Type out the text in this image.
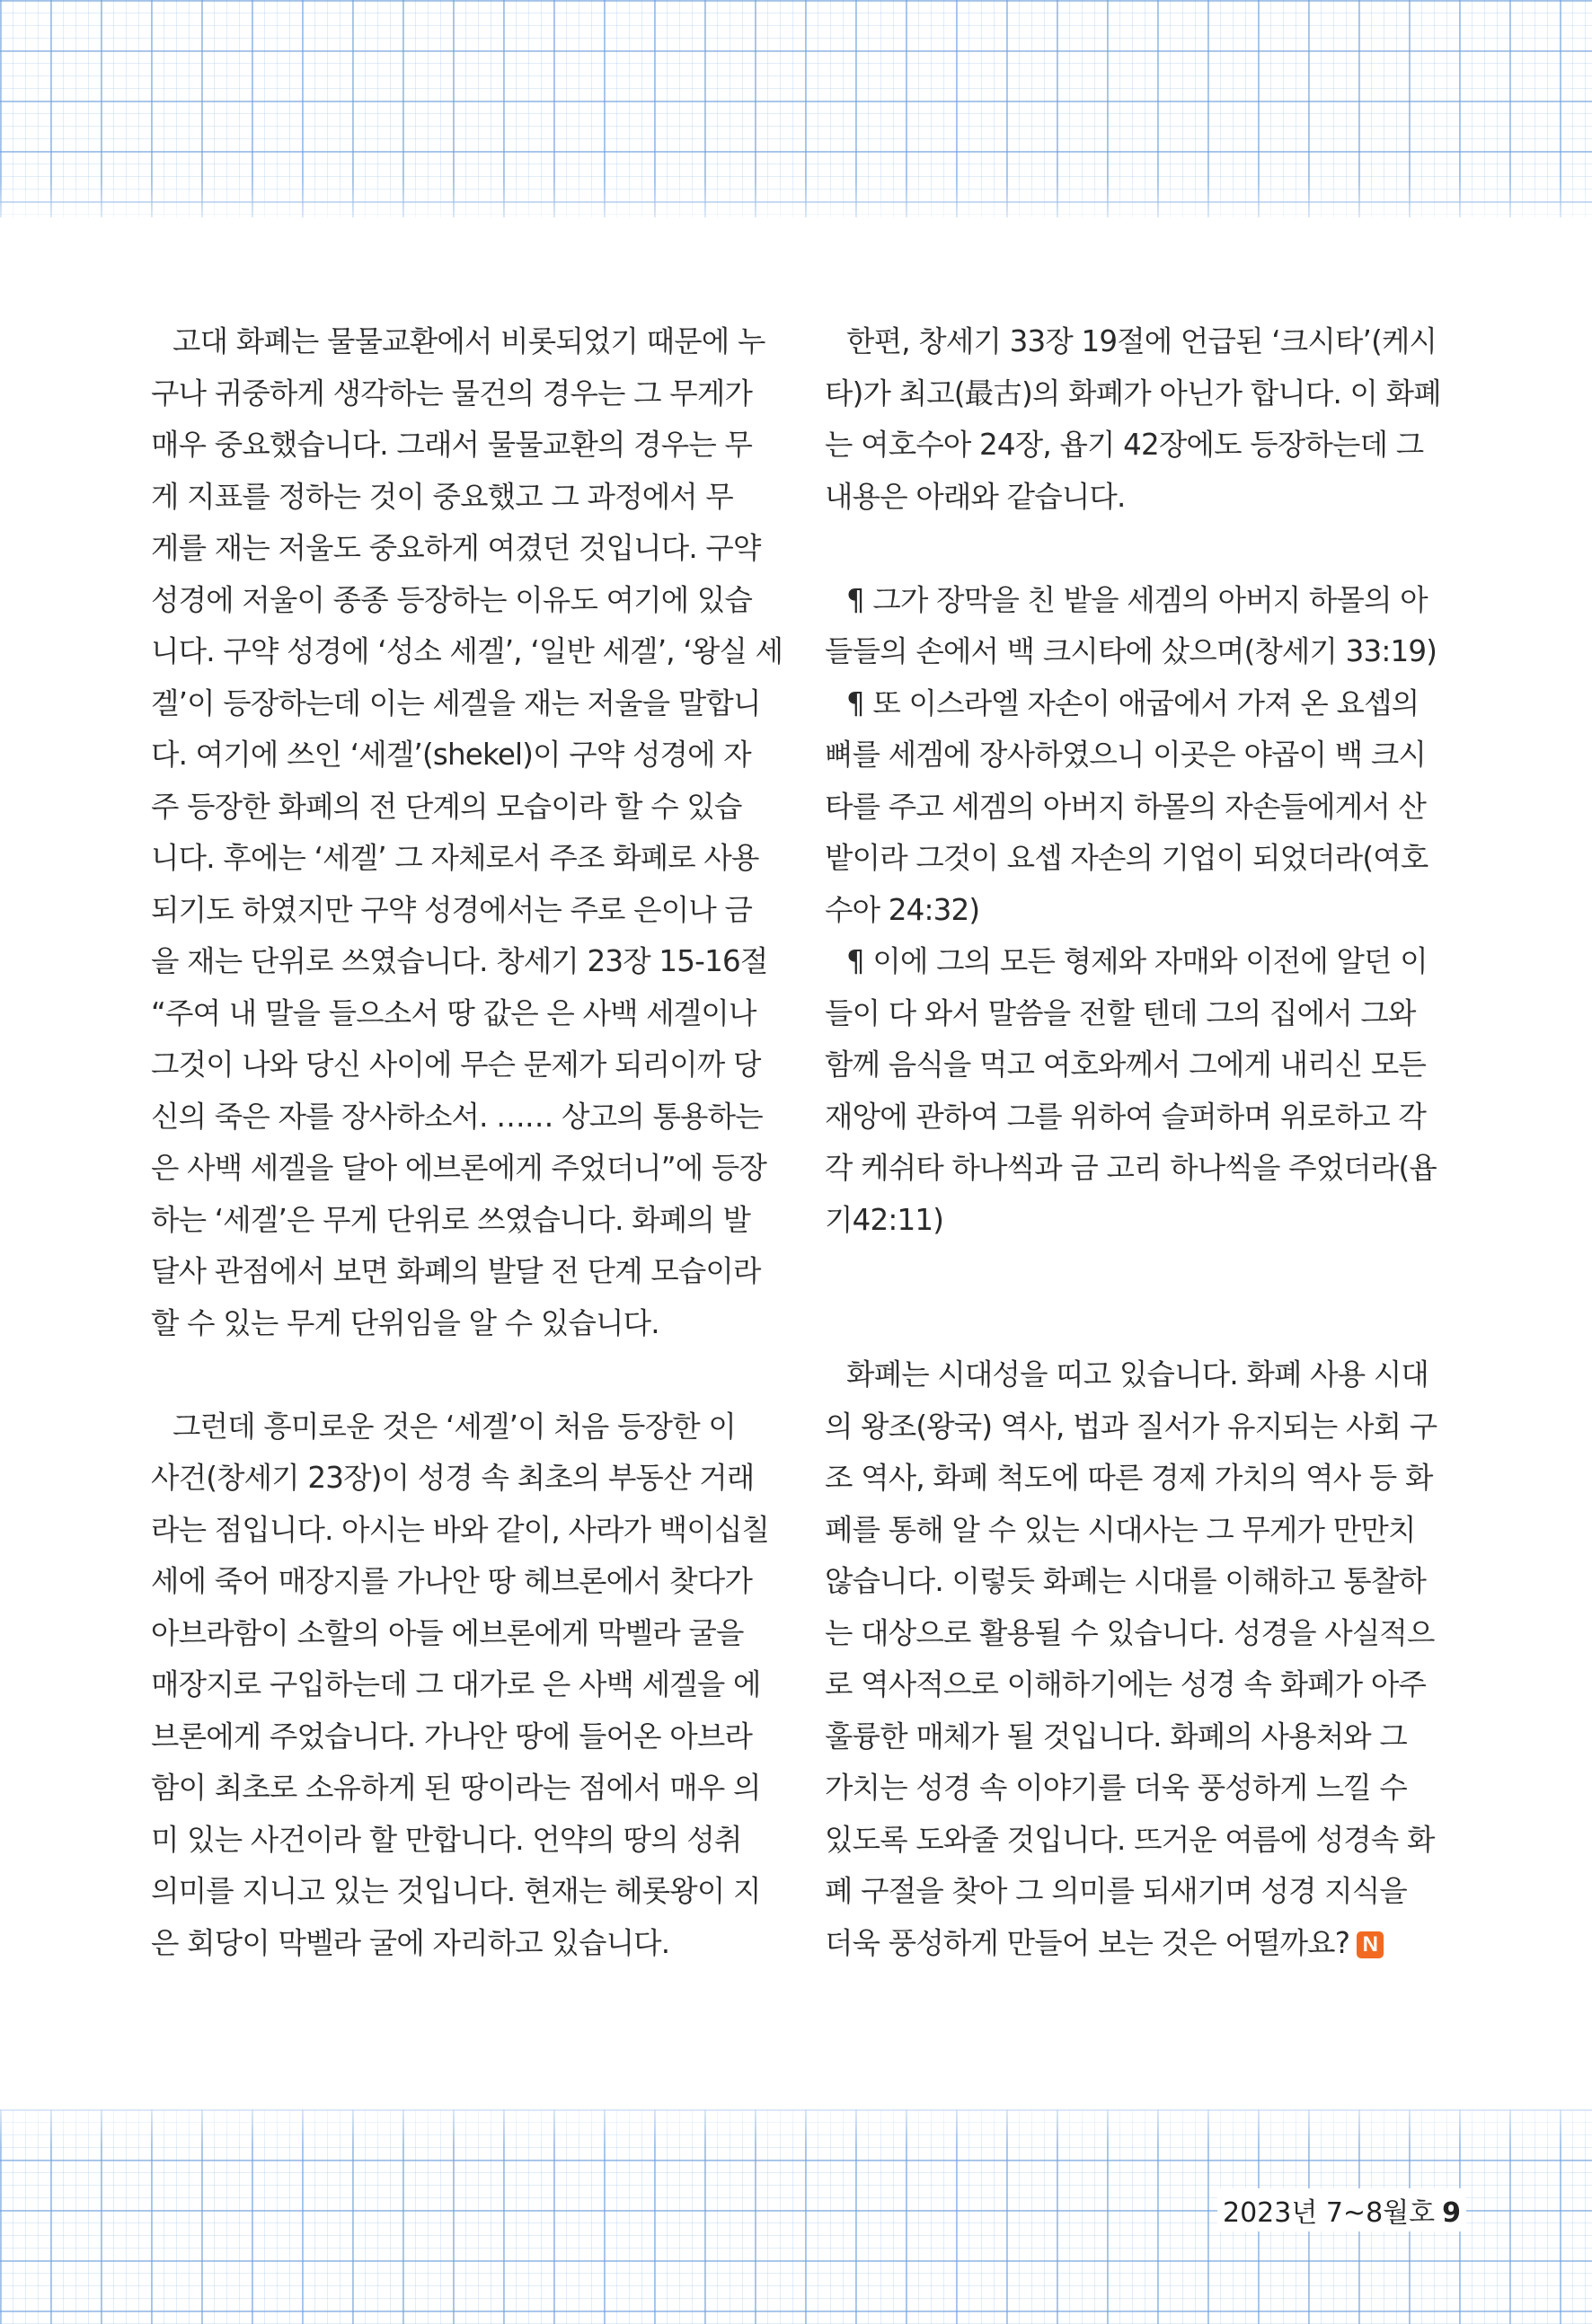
고대 화폐는 물물교환에서 비롯되었기 때문에 누
구나 귀중하게 생각하는 물건의 경우는 그 무게가
매우 중요했습니다. 그래서 물물교환의 경우는 무
게 지표를 정하는 것이 중요했고 그 과정에서 무
게를 재는 저울도 중요하게 여겼던 것입니다. 구약
성경에 저울이 종종 등장하는 이유도 여기에 있습
니다. 구약 성경에 ‘성소 세겔’, ‘일반 세겔’, ‘왕실 세
겔’이 등장하는데 이는 세겔을 재는 저울을 말합니
다. 여기에 쓰인 ‘세겔’(shekel)이 구약 성경에 자
주 등장한 화폐의 전 단계의 모습이라 할 수 있습
니다. 후에는 ‘세겔’ 그 자체로서 주조 화폐로 사용
되기도 하였지만 구약 성경에서는 주로 은이나 금
을 재는 단위로 쓰였습니다. 창세기 23장 15-16절
“주여 내 말을 들으소서 땅 값은 은 사백 세겔이나
그것이 나와 당신 사이에 무슨 문제가 되리이까 당
신의 죽은 자를 장사하소서. …… 상고의 통용하는
은 사백 세겔을 달아 에브론에게 주었더니”에 등장
하는 ‘세겔’은 무게 단위로 쓰였습니다. 화폐의 발
달사 관점에서 보면 화폐의 발달 전 단계 모습이라
할 수 있는 무게 단위임을 알 수 있습니다.
그런데 흥미로운 것은 ‘세겔’이 처음 등장한 이
사건(창세기 23장)이 성경 속 최초의 부동산 거래
라는 점입니다. 아시는 바와 같이, 사라가 백이십칠
세에 죽어 매장지를 가나안 땅 헤브론에서 찾다가
아브라함이 소할의 아들 에브론에게 막벨라 굴을
매장지로 구입하는데 그 대가로 은 사백 세겔을 에
브론에게 주었습니다. 가나안 땅에 들어온 아브라
함이 최초로 소유하게 된 땅이라는 점에서 매우 의
미 있는 사건이라 할 만합니다. 언약의 땅의 성취
의미를 지니고 있는 것입니다. 현재는 헤롯왕이 지
은 회당이 막벨라 굴에 자리하고 있습니다.
한편, 창세기 33장 19절에 언급된 ‘크시타’(케시
타)가 최고(最古)의 화폐가 아닌가 합니다. 이 화폐
는 여호수아 24장, 욥기 42장에도 등장하는데 그
내용은 아래와 같습니다.
¶ 그가 장막을 친 밭을 세겜의 아버지 하몰의 아
들들의 손에서 백 크시타에 샀으며(창세기 33:19)
¶ 또 이스라엘 자손이 애굽에서 가져 온 요셉의
뼈를 세겜에 장사하였으니 이곳은 야곱이 백 크시
타를 주고 세겜의 아버지 하몰의 자손들에게서 산
밭이라 그것이 요셉 자손의 기업이 되었더라(여호
수아 24:32)
¶ 이에 그의 모든 형제와 자매와 이전에 알던 이
들이 다 와서 말씀을 전할 텐데 그의 집에서 그와
함께 음식을 먹고 여호와께서 그에게 내리신 모든
재앙에 관하여 그를 위하여 슬퍼하며 위로하고 각
각 케쉬타 하나씩과 금 고리 하나씩을 주었더라(욥
기42:11)
화폐는 시대성을 띠고 있습니다. 화폐 사용 시대
의 왕조(왕국) 역사, 법과 질서가 유지되는 사회 구
조 역사, 화폐 척도에 따른 경제 가치의 역사 등 화
폐를 통해 알 수 있는 시대사는 그 무게가 만만치
않습니다. 이렇듯 화폐는 시대를 이해하고 통찰하
는 대상으로 활용될 수 있습니다. 성경을 사실적으
로 역사적으로 이해하기에는 성경 속 화폐가 아주
훌륭한 매체가 될 것입니다. 화폐의 사용처와 그
가치는 성경 속 이야기를 더욱 풍성하게 느낄 수
있도록 도와줄 것입니다. 뜨거운 여름에 성경속 화
폐 구절을 찾아 그 의미를 되새기며 성경 지식을
더욱 풍성하게 만들어 보는 것은 어떨까요? N
2023년 7~8월호 9
